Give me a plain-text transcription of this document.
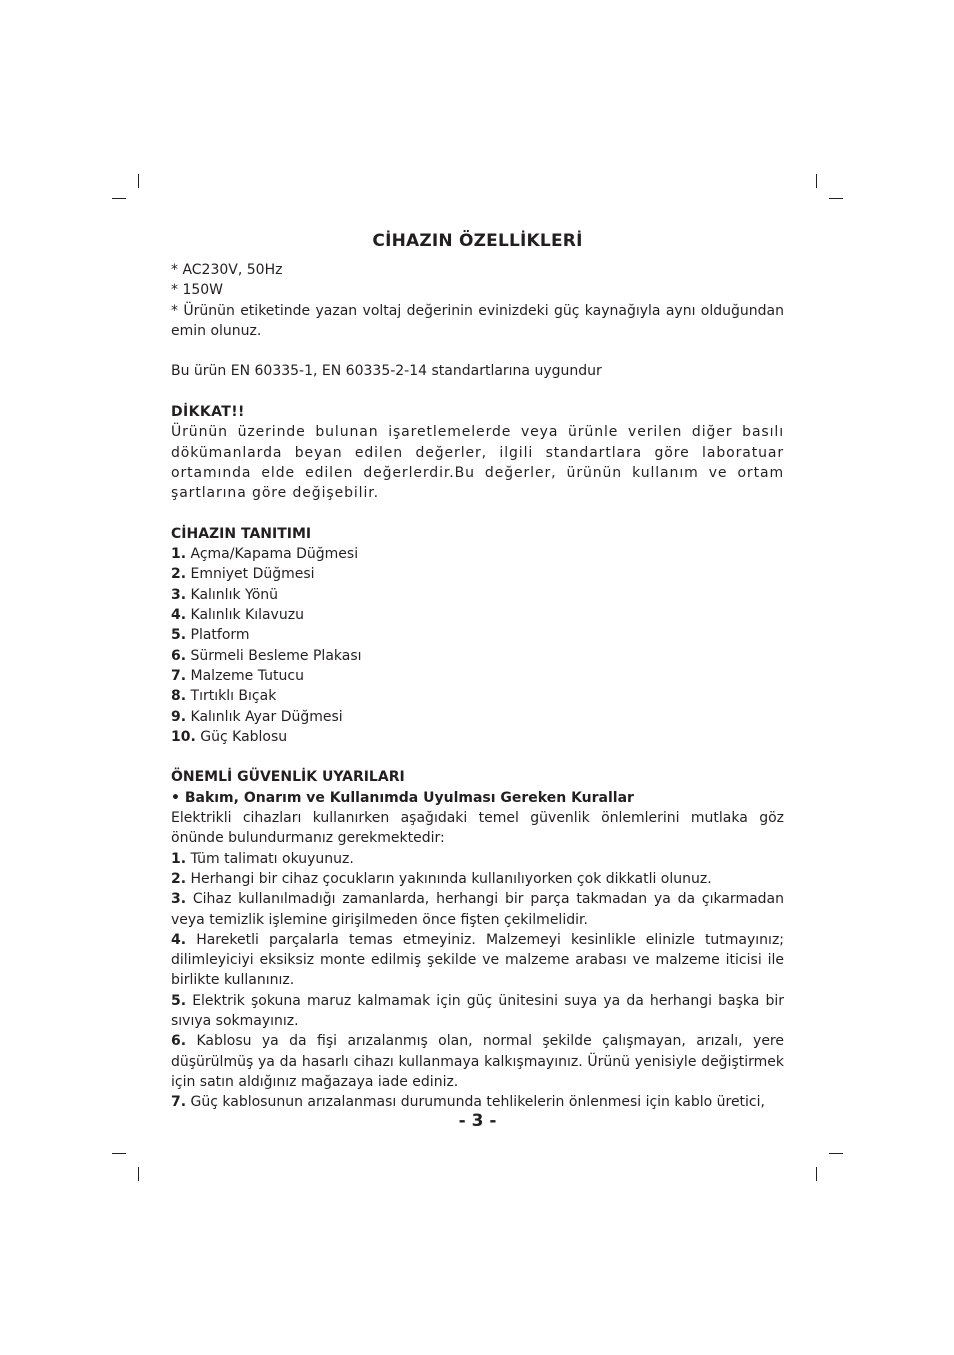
CİHAZIN ÖZELLİKLERİ
* AC230V, 50Hz
* 150W
* Ürünün etiketinde yazan voltaj değerinin evinizdeki güç kaynağıyla aynı olduğundan emin olunuz.
Bu ürün EN 60335-1, EN 60335-2-14 standartlarına uygundur
DİKKAT!!
Ürünün üzerinde bulunan işaretlemelerde veya ürünle verilen diğer basılı dökümanlarda beyan edilen değerler, ilgili standartlara göre laboratuar ortamında elde edilen değerlerdir.Bu değerler, ürünün kullanım ve ortam şartlarına göre değişebilir.
CİHAZIN TANITIMI
1. Açma/Kapama Düğmesi
2. Emniyet Düğmesi
3. Kalınlık Yönü
4. Kalınlık Kılavuzu
5. Platform
6. Sürmeli Besleme Plakası
7. Malzeme Tutucu
8. Tırtıklı Bıçak
9. Kalınlık Ayar Düğmesi
10. Güç Kablosu
ÖNEMLİ GÜVENLİK UYARILARI
• Bakım, Onarım ve Kullanımda Uyulması Gereken Kurallar
Elektrikli cihazları kullanırken aşağıdaki temel güvenlik önlemlerini mutlaka göz önünde bulundurmanız gerekmektedir:
1. Tüm talimatı okuyunuz.
2. Herhangi bir cihaz çocukların yakınında kullanılıyorken çok dikkatli olunuz.
3. Cihaz kullanılmadığı zamanlarda, herhangi bir parça takmadan ya da çıkarmadan veya temizlik işlemine girişilmeden önce fişten çekilmelidir.
4. Hareketli parçalarla temas etmeyiniz. Malzemeyi kesinlikle elinizle tutmayınız; dilimleyiciyi eksiksiz monte edilmiş şekilde ve malzeme arabası ve malzeme iticisi ile birlikte kullanınız.
5. Elektrik şokuna maruz kalmamak için güç ünitesini suya ya da herhangi başka bir sıvıya sokmayınız.
6. Kablosu ya da fişi arızalanmış olan, normal şekilde çalışmayan, arızalı, yere düşürülmüş ya da hasarlı cihazı kullanmaya kalkışmayınız. Ürünü yenisiyle değiştirmek için satın aldığınız mağazaya iade ediniz.
7. Güç kablosunun arızalanması durumunda tehlikelerin önlenmesi için kablo üretici,
- 3 -
